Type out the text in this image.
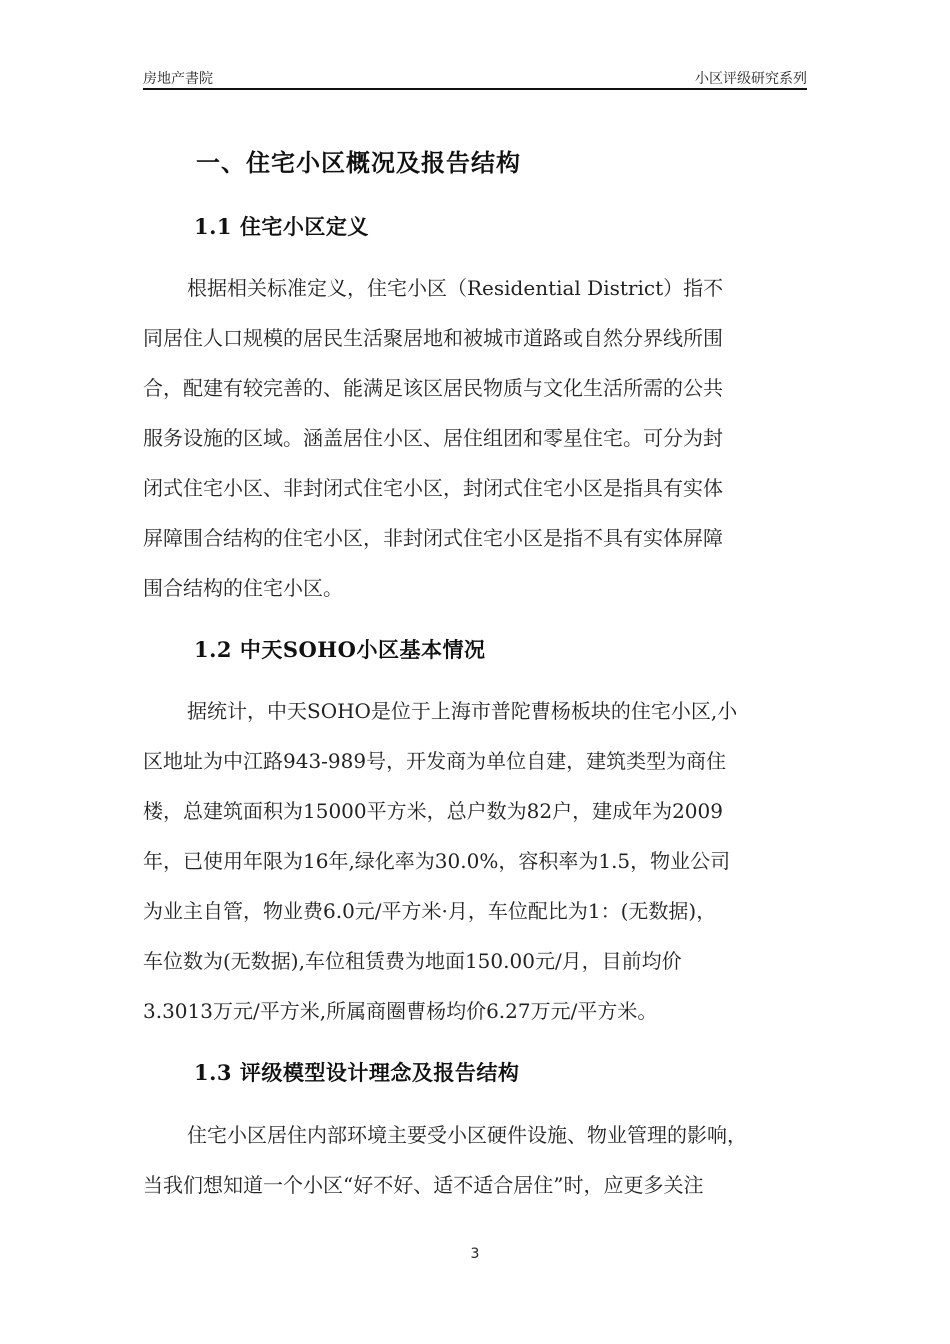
房地产書院	小区评级研究系列
一、住宅小区概况及报告结构
1.1 住宅小区定义
根据相关标准定义，住宅小区（Residential District）指不
同居住人口规模的居民生活聚居地和被城市道路或自然分界线所围
合，配建有较完善的、能满足该区居民物质与文化生活所需的公共
服务设施的区域。涵盖居住小区、居住组团和零星住宅。可分为封
闭式住宅小区、非封闭式住宅小区，封闭式住宅小区是指具有实体
屏障围合结构的住宅小区，非封闭式住宅小区是指不具有实体屏障
围合结构的住宅小区。
1.2 中天SOHO小区基本情况
据统计，中天SOHO是位于上海市普陀曹杨板块的住宅小区,小
区地址为中江路943-989号，开发商为单位自建，建筑类型为商住
楼，总建筑面积为15000平方米，总户数为82户，建成年为2009
年，已使用年限为16年,绿化率为30.0%，容积率为1.5，物业公司
为业主自管，物业费6.0元/平方米·月，车位配比为1：(无数据)，
车位数为(无数据),车位租赁费为地面150.00元/月，目前均价
3.3013万元/平方米,所属商圈曹杨均价6.27万元/平方米。
1.3 评级模型设计理念及报告结构
住宅小区居住内部环境主要受小区硬件设施、物业管理的影响，
当我们想知道一个小区“好不好、适不适合居住”时，应更多关注
3
